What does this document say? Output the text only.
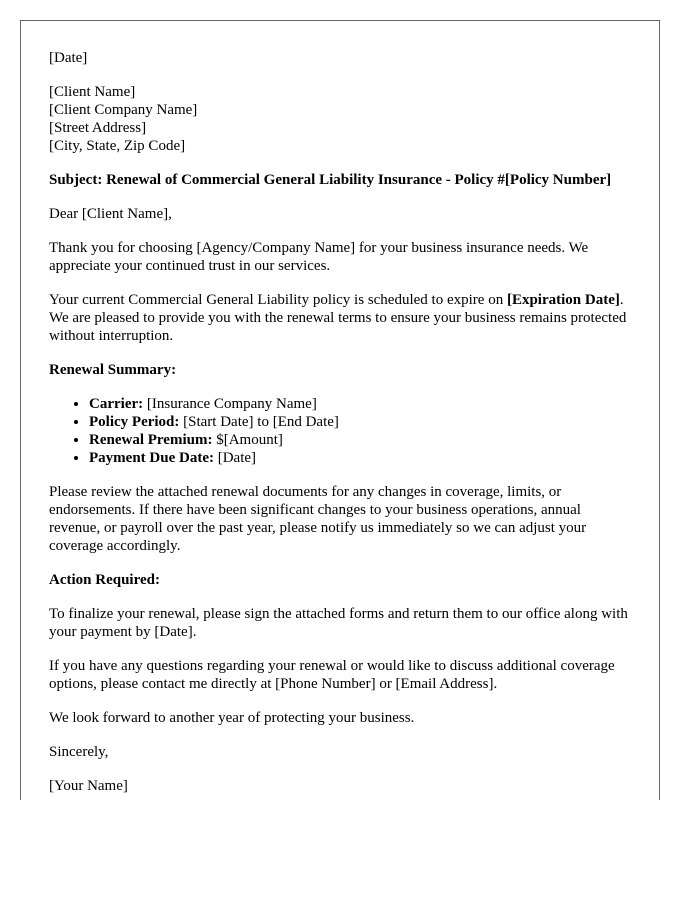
[Date]

[Client Name]
[Client Company Name]
[Street Address]
[City, State, Zip Code]

Subject: Renewal of Commercial General Liability Insurance - Policy #[Policy Number]

Dear [Client Name],

Thank you for choosing [Agency/Company Name] for your business insurance needs. We appreciate your continued trust in our services.

Your current Commercial General Liability policy is scheduled to expire on [Expiration Date]. We are pleased to provide you with the renewal terms to ensure your business remains protected without interruption.

Renewal Summary:

• Carrier: [Insurance Company Name]
• Policy Period: [Start Date] to [End Date]
• Renewal Premium: $[Amount]
• Payment Due Date: [Date]

Please review the attached renewal documents for any changes in coverage, limits, or endorsements. If there have been significant changes to your business operations, annual revenue, or payroll over the past year, please notify us immediately so we can adjust your coverage accordingly.

Action Required:

To finalize your renewal, please sign the attached forms and return them to our office along with your payment by [Date].

If you have any questions regarding your renewal or would like to discuss additional coverage options, please contact me directly at [Phone Number] or [Email Address].

We look forward to another year of protecting your business.

Sincerely,

[Your Name]
